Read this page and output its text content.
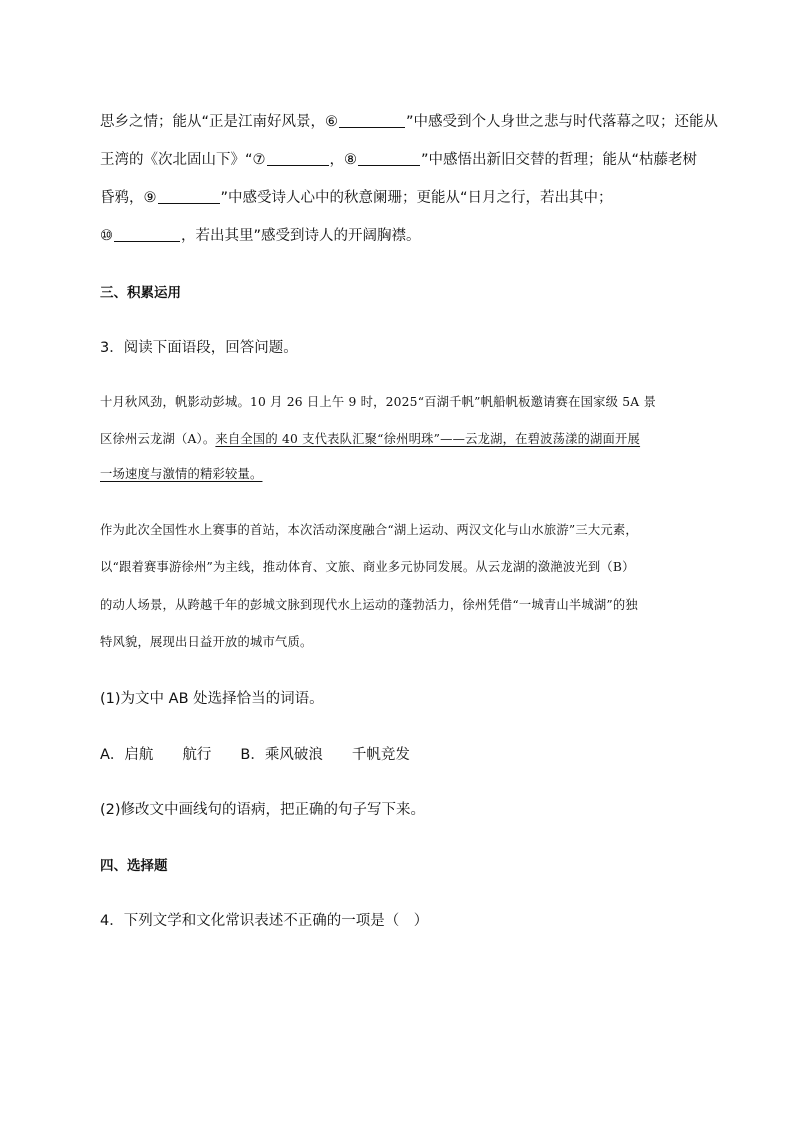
思乡之情；能从“正是江南好风景，⑥	”中感受到个人身世之悲与时代落幕之叹；还能从
王湾的《次北固山下》“⑦	，⑧	”中感悟出新旧交替的哲理；能从“枯藤老树
昏鸦，⑨	”中感受诗人心中的秋意阑珊；更能从“日月之行，若出其中；
⑩	，若出其里”感受到诗人的开阔胸襟。
三、积累运用
3．阅读下面语段，回答问题。
十月秋风劲，帆影动彭城。10 月 26 日上午 9 时，2025“百湖千帆”帆船帆板邀请赛在国家级 5A 景
区徐州云龙湖（A）。来自全国的 40 支代表队汇聚“徐州明珠”——云龙湖，在碧波荡漾的湖面开展
一场速度与激情的精彩较量。
作为此次全国性水上赛事的首站，本次活动深度融合“湖上运动、两汉文化与山水旅游”三大元素，
以“跟着赛事游徐州”为主线，推动体育、文旅、商业多元协同发展。从云龙湖的潋滟波光到（B）
的动人场景，从跨越千年的彭城文脉到现代水上运动的蓬勃活力，徐州凭借“一城青山半城湖”的独
特风貌，展现出日益开放的城市气质。
(1)为文中 AB 处选择恰当的词语。
A．启航　　航行　　B．乘风破浪　　千帆竞发
(2)修改文中画线句的语病，把正确的句子写下来。
四、选择题
4．下列文学和文化常识表述不正确的一项是（　）
